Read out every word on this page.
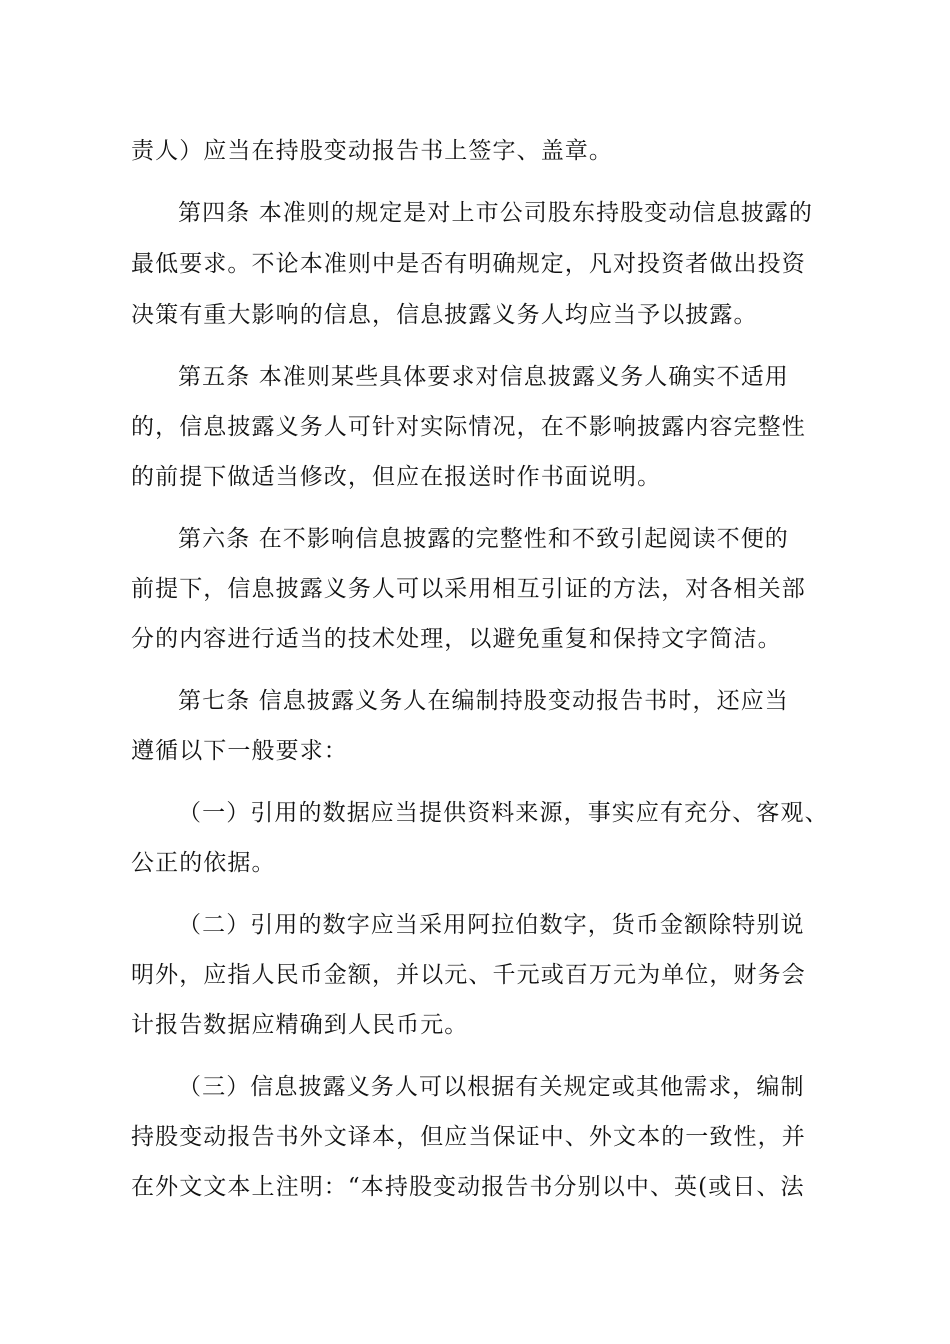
责人）应当在持股变动报告书上签字、盖章。
第四条 本准则的规定是对上市公司股东持股变动信息披露的
最低要求。不论本准则中是否有明确规定，凡对投资者做出投资
决策有重大影响的信息，信息披露义务人均应当予以披露。
第五条 本准则某些具体要求对信息披露义务人确实不适用
的，信息披露义务人可针对实际情况，在不影响披露内容完整性
的前提下做适当修改，但应在报送时作书面说明。
第六条 在不影响信息披露的完整性和不致引起阅读不便的
前提下，信息披露义务人可以采用相互引证的方法，对各相关部
分的内容进行适当的技术处理，以避免重复和保持文字简洁。
第七条 信息披露义务人在编制持股变动报告书时，还应当
遵循以下一般要求：
（一）引用的数据应当提供资料来源，事实应有充分、客观、
公正的依据。
（二）引用的数字应当采用阿拉伯数字，货币金额除特别说
明外，应指人民币金额，并以元、千元或百万元为单位，财务会
计报告数据应精确到人民币元。
（三）信息披露义务人可以根据有关规定或其他需求，编制
持股变动报告书外文译本，但应当保证中、外文本的一致性，并
在外文文本上注明：“本持股变动报告书分别以中、英(或日、法
